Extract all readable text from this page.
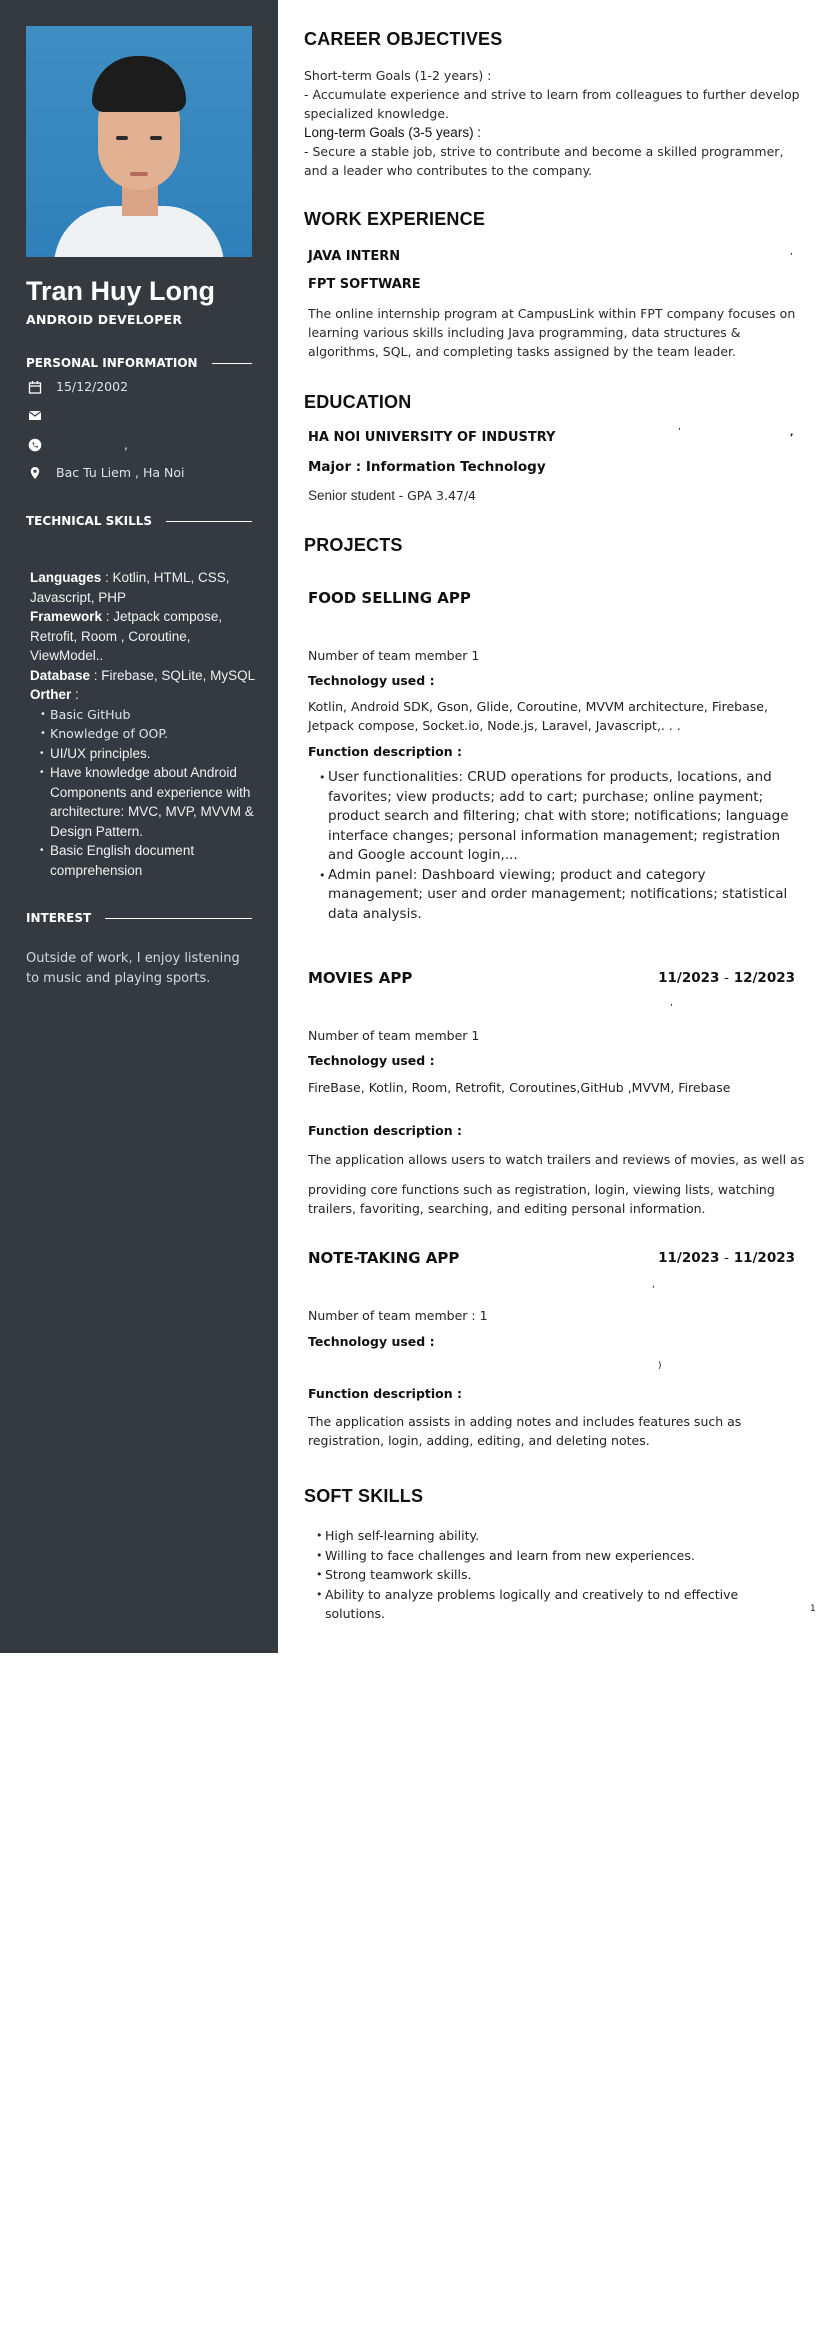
Tran Huy Long
ANDROID DEVELOPER
PERSONAL INFORMATION
15/12/2002
,
Bac Tu Liem , Ha Noi
TECHNICAL SKILLS
Languages : Kotlin, HTML, CSS, Javascript, PHP
Framework : Jetpack compose, Retrofit, Room , Coroutine, ViewModel..
Database : Firebase, SQLite, MySQL
Orther :
• Basic GitHub
• Knowledge of OOP.
• UI/UX principles.
• Have knowledge about Android Components and experience with architecture: MVC, MVP, MVVM & Design Pattern.
• Basic English document comprehension
INTEREST
Outside of work, I enjoy listening to music and playing sports.
CAREER OBJECTIVES
Short-term Goals (1-2 years) :
- Accumulate experience and strive to learn from colleagues to further develop specialized knowledge.
Long-term Goals (3-5 years) :
- Secure a stable job, strive to contribute and become a skilled programmer, and a leader who contributes to the company.
WORK EXPERIENCE
JAVA INTERN	,
FPT SOFTWARE
The online internship program at CampusLink within FPT company focuses on learning various skills including Java programming, data structures & algorithms, SQL, and completing tasks assigned by the team leader.
EDUCATION
HA NOI UNIVERSITY OF INDUSTRY
,
,
Major : Information Technology
Senior student - GPA 3.47/4
PROJECTS
FOOD SELLING APP
Number of team member 1
Technology used :
Kotlin, Android SDK, Gson, Glide, Coroutine, MVVM architecture, Firebase, Jetpack compose, Socket.io, Node.js, Laravel, Javascript,. . .
Function description :
• User functionalities: CRUD operations for products, locations, and favorites; view products; add to cart; purchase; online payment; product search and filtering; chat with store; notifications; language interface changes; personal information management; registration and Google account login,...
• Admin panel: Dashboard viewing; product and category management; user and order management; notifications; statistical data analysis.
MOVIES APP	11/2023 - 12/2023
,
Number of team member 1
Technology used :
FireBase, Kotlin, Room, Retrofit, Coroutines,GitHub ,MVVM, Firebase
Function description :
The application allows users to watch trailers and reviews of movies, as well as
providing core functions such as registration, login, viewing lists, watching trailers, favoriting, searching, and editing personal information.
NOTE-TAKING APP	11/2023 - 11/2023
,
Number of team member : 1
Technology used :
)
Function description :
The application assists in adding notes and includes features such as registration, login, adding, editing, and deleting notes.
SOFT SKILLS
• High self-learning ability.
• Willing to face challenges and learn from new experiences.
• Strong teamwork skills.
• Ability to analyze problems logically and creatively to nd effective solutions.	1
